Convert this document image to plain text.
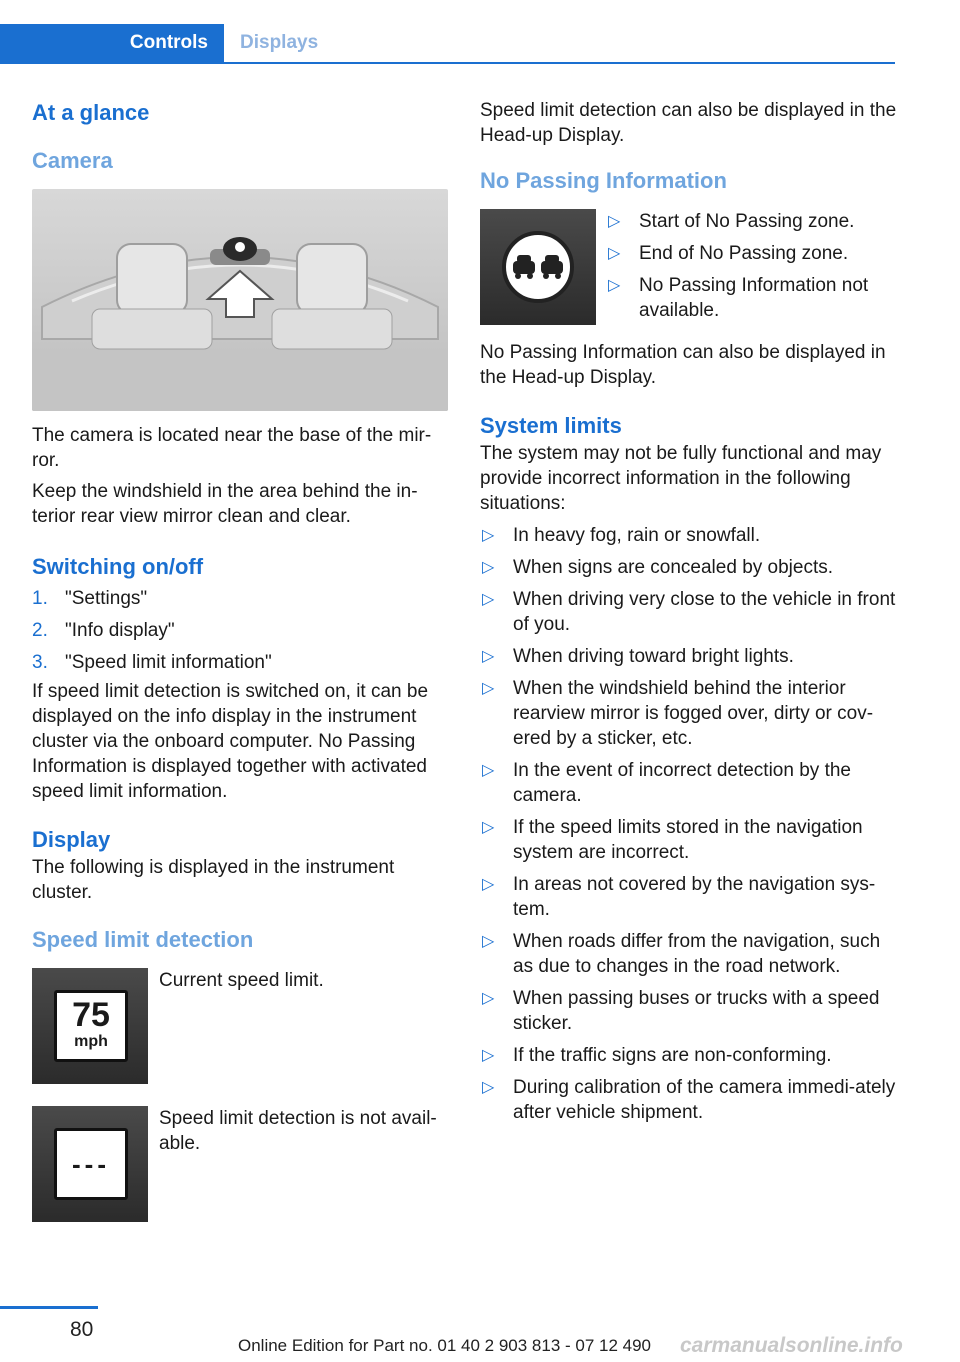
Controls	Displays
At a glance
Camera

The camera is located near the base of the mir-ror.

Keep the windshield in the area behind the in-terior rear view mirror clean and clear.

Switching on/off
1. "Settings"
2. "Info display"
3. "Speed limit information"

If speed limit detection is switched on, it can be displayed on the info display in the instrument cluster via the onboard computer. No Passing Information is displayed together with activated speed limit information.

Display

The following is displayed in the instrument cluster.

Speed limit detection
75
mph

Current speed limit.

---

Speed limit detection is not avail-able.

Speed limit detection can also be displayed in the Head-up Display.

No Passing Information
▷ Start of No Passing zone.
▷ End of No Passing zone.
▷ No Passing Information not available.

No Passing Information can also be displayed in the Head-up Display.

System limits

The system may not be fully functional and may provide incorrect information in the following situations:

▷ In heavy fog, rain or snowfall.
▷ When signs are concealed by objects.
▷ When driving very close to the vehicle in front of you.
▷ When driving toward bright lights.
▷ When the windshield behind the interior rearview mirror is fogged over, dirty or cov-ered by a sticker, etc.
▷ In the event of incorrect detection by the camera.
▷ If the speed limits stored in the navigation system are incorrect.
▷ In areas not covered by the navigation sys-tem.
▷ When roads differ from the navigation, such as due to changes in the road network.
▷ When passing buses or trucks with a speed sticker.
▷ If the traffic signs are non-conforming.
▷ During calibration of the camera immedi-ately after vehicle shipment.
80
Online Edition for Part no. 01 40 2 903 813 - 07 12 490 carmanualsonline.info
